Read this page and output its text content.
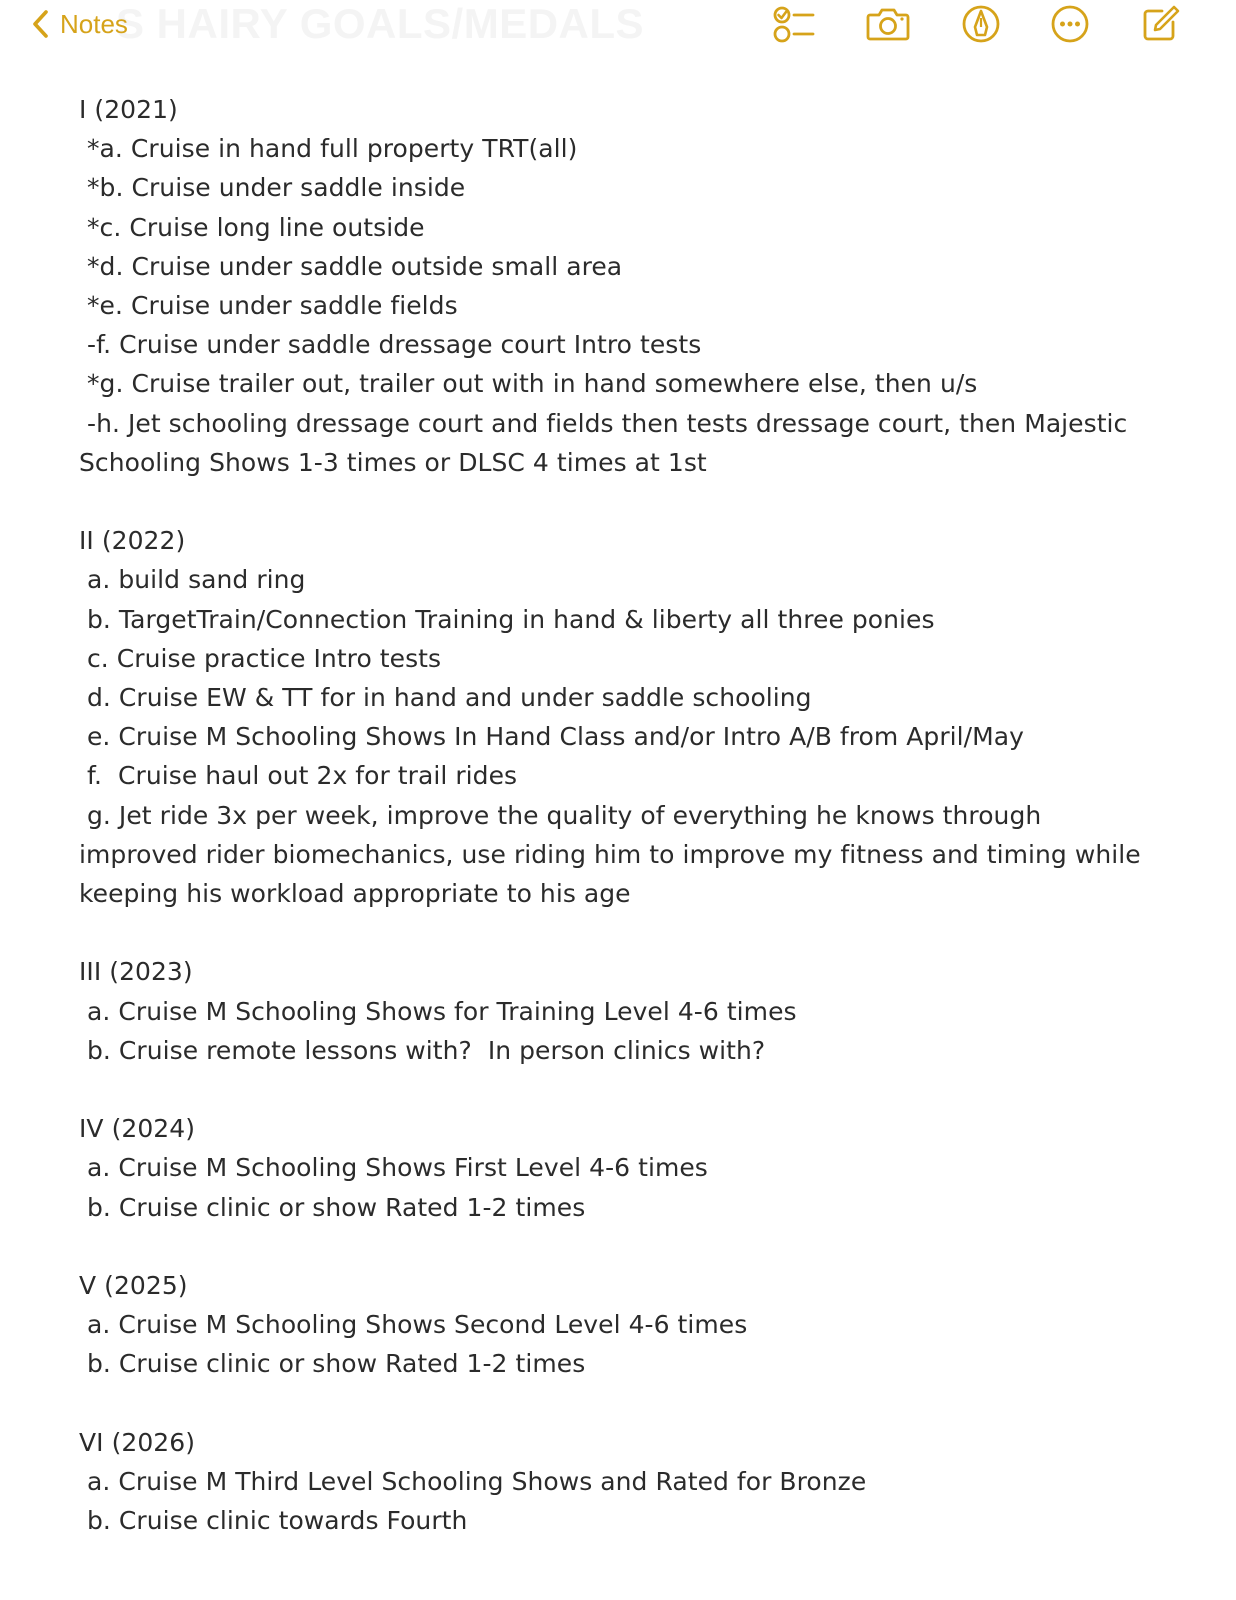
S HAIRY GOALS/MEDALS
Notes
I (2021)
*a. Cruise in hand full property TRT(all)
*b. Cruise under saddle inside
*c. Cruise long line outside
*d. Cruise under saddle outside small area
*e. Cruise under saddle fields
-f. Cruise under saddle dressage court Intro tests
*g. Cruise trailer out, trailer out with in hand somewhere else, then u/s
-h. Jet schooling dressage court and fields then tests dressage court, then Majestic Schooling Shows 1-3 times or DLSC 4 times at 1st
II (2022)
a. build sand ring
b. TargetTrain/Connection Training in hand & liberty all three ponies
c. Cruise practice Intro tests
d. Cruise EW & TT for in hand and under saddle schooling
e. Cruise M Schooling Shows In Hand Class and/or Intro A/B from April/May
f.  Cruise haul out 2x for trail rides
g. Jet ride 3x per week, improve the quality of everything he knows through improved rider biomechanics, use riding him to improve my fitness and timing while keeping his workload appropriate to his age
III (2023)
a. Cruise M Schooling Shows for Training Level 4-6 times
b. Cruise remote lessons with?  In person clinics with?
IV (2024)
a. Cruise M Schooling Shows First Level 4-6 times
b. Cruise clinic or show Rated 1-2 times
V (2025)
a. Cruise M Schooling Shows Second Level 4-6 times
b. Cruise clinic or show Rated 1-2 times
VI (2026)
a. Cruise M Third Level Schooling Shows and Rated for Bronze
b. Cruise clinic towards Fourth
